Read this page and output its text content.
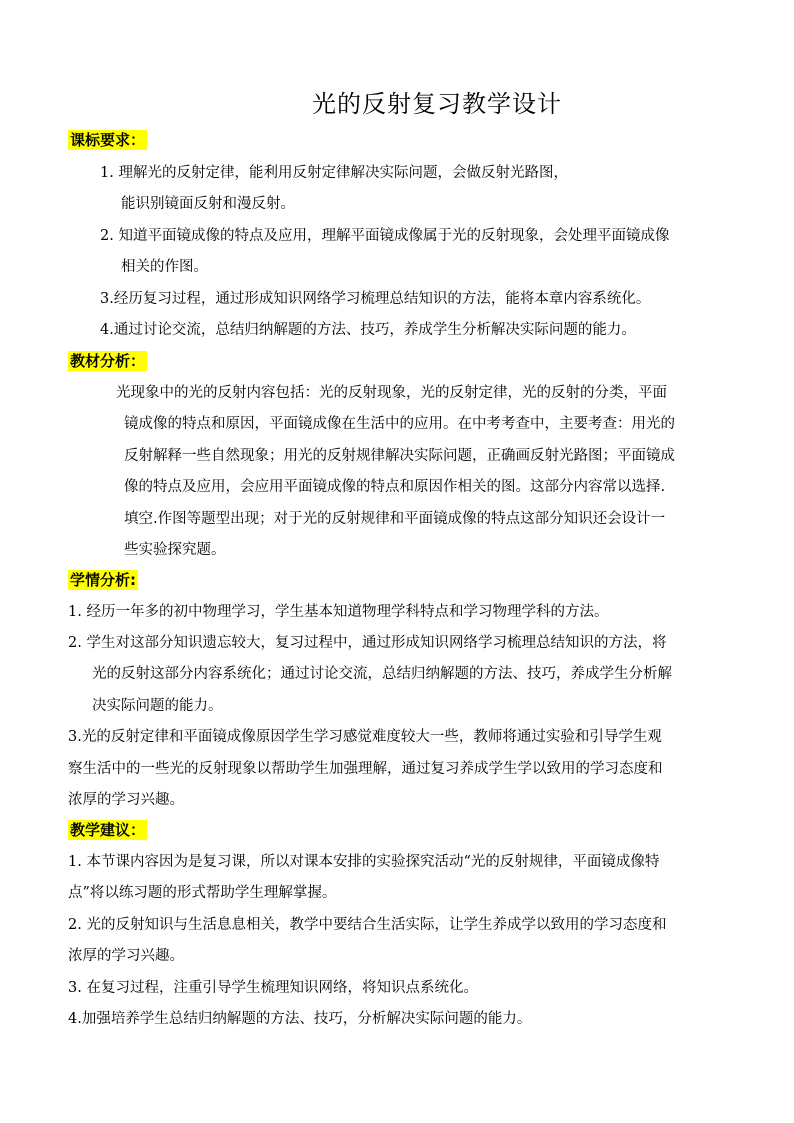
光的反射复习教学设计
课标要求：
1. 理解光的反射定律，能利用反射定律解决实际问题，会做反射光路图，
能识别镜面反射和漫反射。
2. 知道平面镜成像的特点及应用，理解平面镜成像属于光的反射现象，会处理平面镜成像
相关的作图。
3.经历复习过程，通过形成知识网络学习梳理总结知识的方法，能将本章内容系统化。
4.通过讨论交流，总结归纳解题的方法、技巧，养成学生分析解决实际问题的能力。
教材分析：
光现象中的光的反射内容包括：光的反射现象，光的反射定律，光的反射的分类，平面
镜成像的特点和原因，平面镜成像在生活中的应用。在中考考查中，主要考查：用光的
反射解释一些自然现象；用光的反射规律解决实际问题，正确画反射光路图；平面镜成
像的特点及应用，会应用平面镜成像的特点和原因作相关的图。这部分内容常以选择.
填空.作图等题型出现；对于光的反射规律和平面镜成像的特点这部分知识还会设计一
些实验探究题。
学情分析:
1. 经历一年多的初中物理学习，学生基本知道物理学科特点和学习物理学科的方法。
2. 学生对这部分知识遗忘较大，复习过程中，通过形成知识网络学习梳理总结知识的方法，将
光的反射这部分内容系统化；通过讨论交流，总结归纳解题的方法、技巧，养成学生分析解
决实际问题的能力。
3.光的反射定律和平面镜成像原因学生学习感觉难度较大一些，教师将通过实验和引导学生观
察生活中的一些光的反射现象以帮助学生加强理解，通过复习养成学生学以致用的学习态度和
浓厚的学习兴趣。
教学建议：
1. 本节课内容因为是复习课，所以对课本安排的实验探究活动“光的反射规律，平面镜成像特
点”将以练习题的形式帮助学生理解掌握。
2. 光的反射知识与生活息息相关，教学中要结合生活实际，让学生养成学以致用的学习态度和
浓厚的学习兴趣。
3. 在复习过程，注重引导学生梳理知识网络，将知识点系统化。
4.加强培养学生总结归纳解题的方法、技巧，分析解决实际问题的能力。
